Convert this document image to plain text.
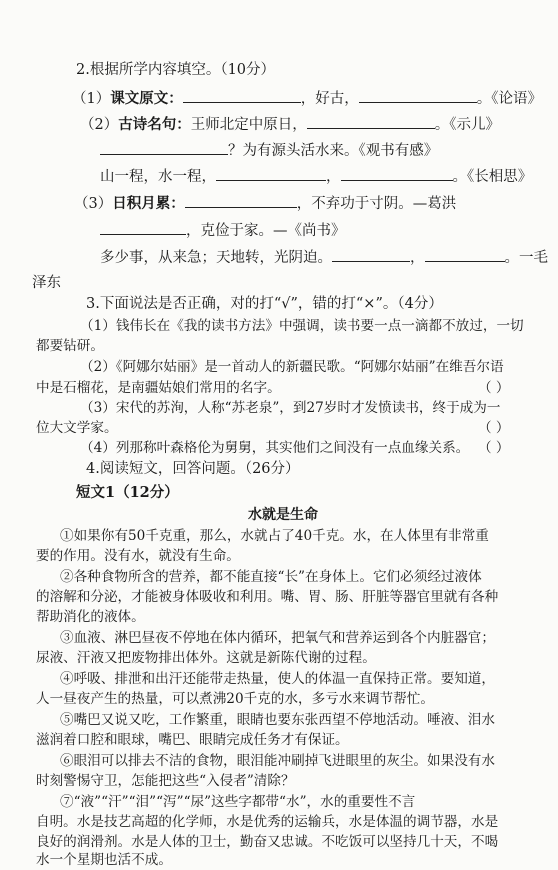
2.根据所学内容填空。（10分）
（1）课文原文：	，好古，	。《论语》
（2）古诗名句：王师北定中原日，	。《示儿》
？为有源头活水来。《观书有感》
山一程，水一程，	，	。《长相思》
（3）日积月累：	，不弃功于寸阴。—葛洪
，克俭于家。—《尚书》
多少事，从来急；天地转，光阴迫。	，	。一毛
泽东
3.下面说法是否正确，对的打“√”，错的打“×”。（4分）
（1）钱伟长在《我的读书方法》中强调，读书要一点一滴都不放过，一切
都要钻研。
（2）《阿娜尔姑丽》是一首动人的新疆民歌。“阿娜尔姑丽”在维吾尔语
中是石榴花，是南疆姑娘们常用的名字。	（ ）
（3）宋代的苏洵，人称“苏老泉”，到27岁时才发愤读书，终于成为一
位大文学家。	（ ）
（4）列那称叶森格伦为舅舅，其实他们之间没有一点血缘关系。 （ ）
4.阅读短文，回答问题。（26分）
短文1（12分）
水就是生命
①如果你有50千克重，那么，水就占了40千克。水，在人体里有非常重
要的作用。没有水，就没有生命。
②各种食物所含的营养，都不能直接“长”在身体上。它们必须经过液体
的溶解和分泌，才能被身体吸收和利用。嘴、胃、肠、肝脏等器官里就有各种
帮助消化的液体。
③血液、淋巴昼夜不停地在体内循环，把氧气和营养运到各个内脏器官；
尿液、汗液又把废物排出体外。这就是新陈代谢的过程。
④呼吸、排泄和出汗还能带走热量，使人的体温一直保持正常。要知道，
人一昼夜产生的热量，可以煮沸20千克的水，多亏水来调节帮忙。
⑤嘴巴又说又吃，工作繁重，眼睛也要东张西望不停地活动。唾液、泪水
滋润着口腔和眼球，嘴巴、眼睛完成任务才有保证。
⑥眼泪可以排去不洁的食物，眼泪能冲刷掉飞进眼里的灰尘。如果没有水
时刻警惕守卫，怎能把这些“入侵者”清除？
⑦“液”“汗”“泪”“泻”“尿”这些字都带“水”，水的重要性不言
自明。水是技艺高超的化学师，水是优秀的运输兵，水是体温的调节器，水是
良好的润滑剂。水是人体的卫士，勤奋又忠诚。不吃饭可以坚持几十天，不喝
水一个星期也活不成。
